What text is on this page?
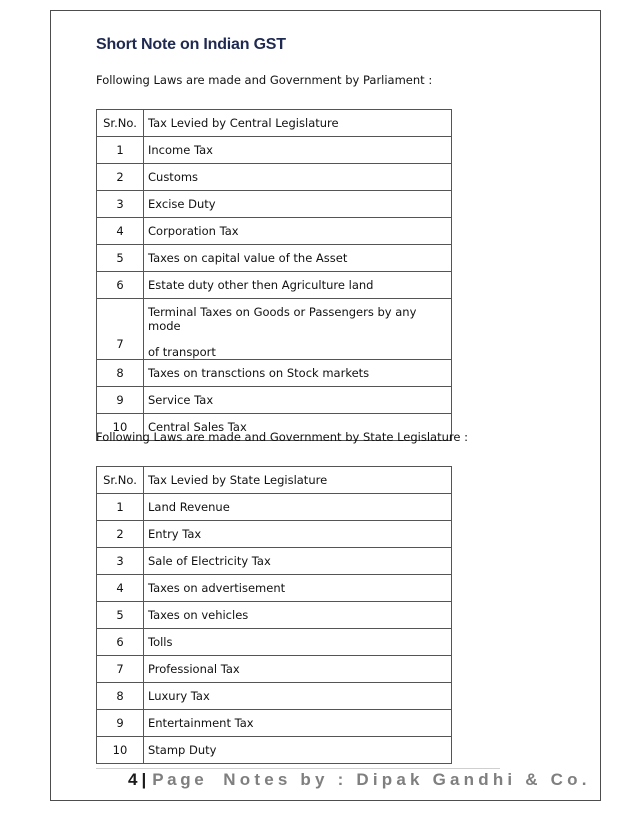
Short Note on Indian GST

Following Laws are made and Government by Parliament :

Sr.No.	Tax Levied by Central Legislature
1	Income Tax
2	Customs
3	Excise Duty
4	Corporation Tax
5	Taxes on capital value of the Asset
6	Estate duty other then Agriculture land
7	Terminal Taxes on Goods or Passengers by any mode
of transport

8	Taxes on transctions on Stock markets
9	Service Tax
10	Central Sales Tax

Following Laws are made and Government by State Legislature :

Sr.No.	Tax Levied by State Legislature
1	Land Revenue
2	Entry Tax
3	Sale of Electricity Tax
4	Taxes on advertisement
5	Taxes on vehicles
6	Tolls
7	Professional Tax
8	Luxury Tax
9	Entertainment Tax
10	Stamp Duty

4 | Page Notes by : Dipak Gandhi & Co.
